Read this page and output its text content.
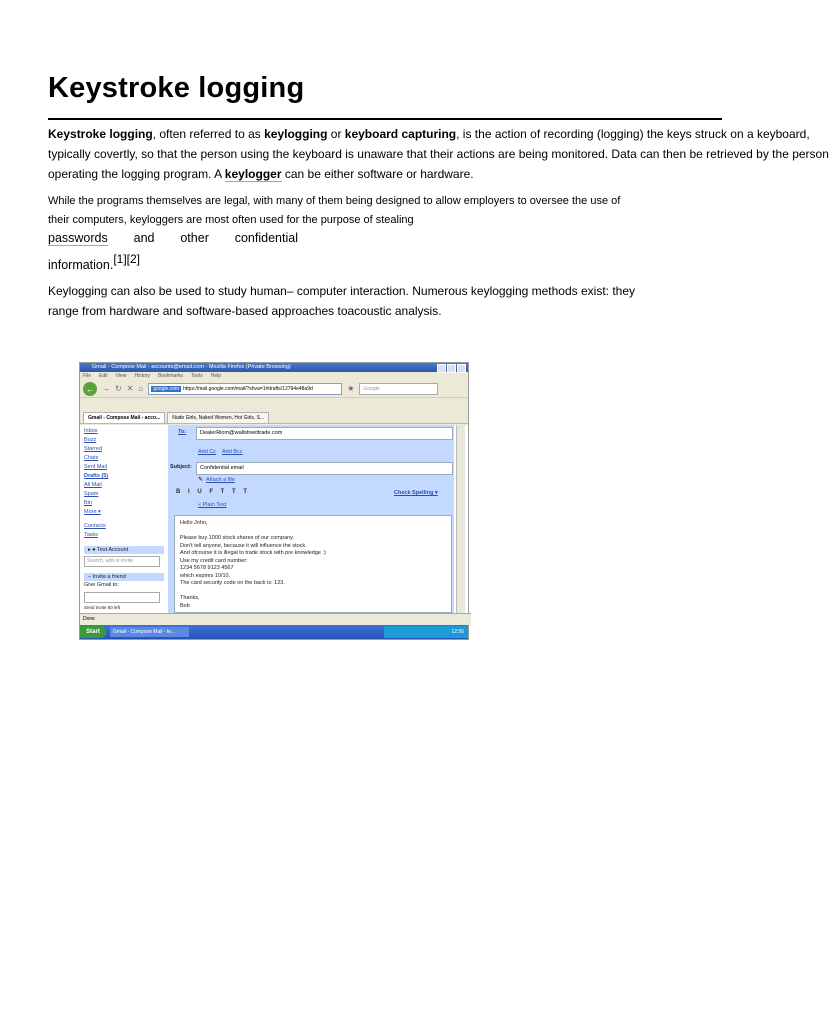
Keystroke logging
Keystroke logging, often referred to as keylogging or keyboard capturing, is the action of recording (logging) the keys struck on a keyboard,
typically covertly, so that the person using the keyboard is unaware that their actions are being monitored. Data can then be retrieved by the person
operating the logging program. A keylogger can be either software or hardware.
While the programs themselves are legal, with many of them being designed to allow employers to oversee the use of
their computers, keyloggers are most often used for the purpose of stealing
passwords and other confidential
information.[1][2]
Keylogging can also be used to study human– computer interaction. Numerous keylogging methods exist: they
range from hardware and software-based approaches toacoustic analysis.
Gmail - Compose Mail - accounts@email.com - Mozilla Firefox (Private Browsing)
File Edit View History Bookmarks Tools Help
← → ↻ ✕ ⌂	google.com https://mail.google.com/mail/?shva=1#drafts/12794e48a9d	★	Google
Gmail - Compose Mail - acco...	Nude Girls, Naked Women, Hot Girls, S...
Inbox
Buzz
Starred
Chats
Sent Mail
Drafts (5)
All Mail
Spam
Bin
More ▾
Contacts
Tasks
▸ ● Test Account
Search, add or invite
− Invite a friend
Give Gmail to:
Send Invite 50 left
To:	DealerRiom@wallstreettrade.com
Add Cc Add Bcc
Subject:	Confidential email
Attach a file
✎
B I U F T T T	Check Spelling ▾
« Plain Text
Hello John,

Please buy 1000 stock shares of our company.
Don't tell anyone, because it will influence the stock.
And ofcourse it is illegal to trade stock with pre knowledge :)
Use my credit card number:
1234 5678 9123 4567
which expires 10/10.
The card security code on the back is: 123.

Thanks,
Bob
Done
Start	Gmail - Compose Mail - te...	12:56
